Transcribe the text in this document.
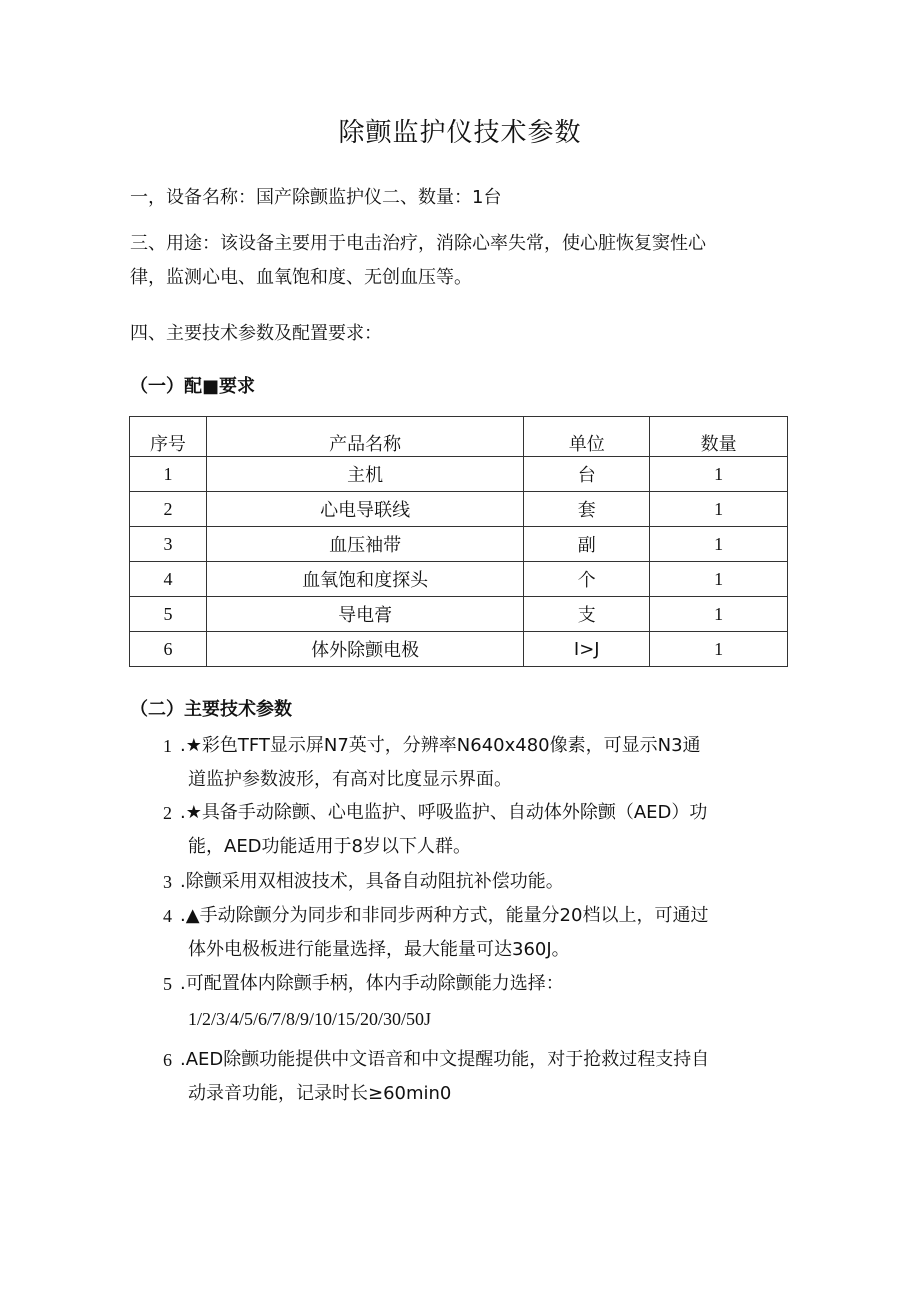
除颤监护仪技术参数
一，设备名称：国产除颤监护仪二、数量：1台
三、用途：该设备主要用于电击治疗，消除心率失常，使心脏恢复窦性心
律，监测心电、血氧饱和度、无创血压等。
四、主要技术参数及配置要求：
（一）配■要求
序号	产品名称	单位	数量
1	主机	台	1
2	心电导联线	套	1
3	血压袖带	副	1
4	血氧饱和度探头	个	1
5	导电膏	支	1
6	体外除颤电极	I>J	1
（二）主要技术参数
1 .★彩色TFT显示屏N7英寸，分辨率N640x480像素，可显示N3通
道监护参数波形，有高对比度显示界面。
2 .★具备手动除颤、心电监护、呼吸监护、自动体外除颤（AED）功
能，AED功能适用于8岁以下人群。
3 .除颤采用双相波技术，具备自动阻抗补偿功能。
4 .▲手动除颤分为同步和非同步两种方式，能量分20档以上，可通过
体外电极板进行能量选择，最大能量可达360J。
5 .可配置体内除颤手柄，体内手动除颤能力选择：
1/2/3/4/5/6/7/8/9/10/15/20/30/50J
6 .AED除颤功能提供中文语音和中文提醒功能，对于抢救过程支持自
动录音功能，记录时长≥60min0
